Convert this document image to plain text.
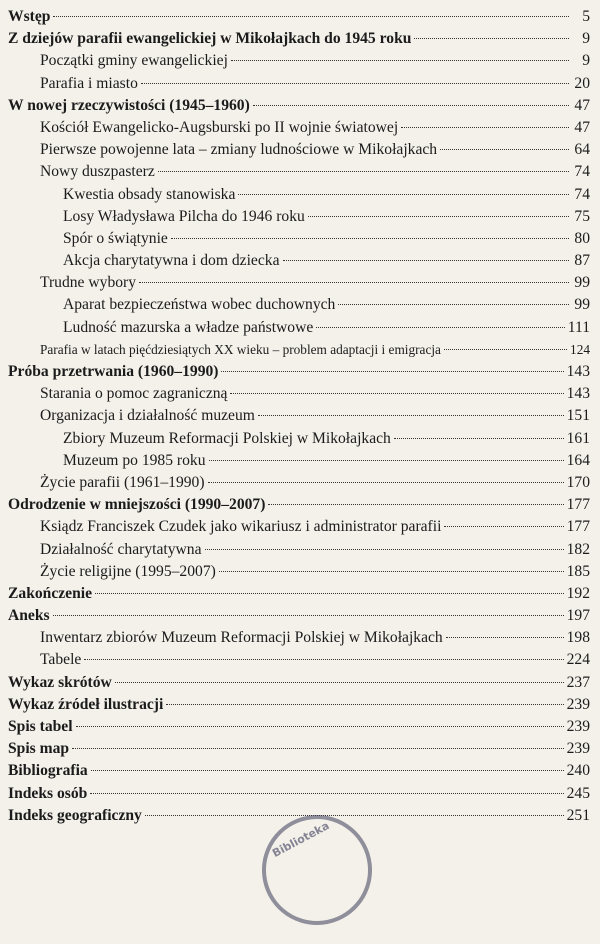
Wstęp	5
Z dziejów parafii ewangelickiej w Mikołajkach do 1945 roku	9
Początki gminy ewangelickiej	9
Parafia i miasto	20
W nowej rzeczywistości (1945–1960)	47
Kościół Ewangelicko-Augsburski po II wojnie światowej	47
Pierwsze powojenne lata – zmiany ludnościowe w Mikołajkach	64
Nowy duszpasterz	74
Kwestia obsady stanowiska	74
Losy Władysława Pilcha do 1946 roku	75
Spór o świątynie	80
Akcja charytatywna i dom dziecka	87
Trudne wybory	99
Aparat bezpieczeństwa wobec duchownych	99
Ludność mazurska a władze państwowe	111
Parafia w latach pięćdziesiątych XX wieku – problem adaptacji i emigracja	124
Próba przetrwania (1960–1990)	143
Starania o pomoc zagraniczną	143
Organizacja i działalność muzeum	151
Zbiory Muzeum Reformacji Polskiej w Mikołajkach	161
Muzeum po 1985 roku	164
Życie parafii (1961–1990)	170
Odrodzenie w mniejszości (1990–2007)	177
Ksiądz Franciszek Czudek jako wikariusz i administrator parafii	177
Działalność charytatywna	182
Życie religijne (1995–2007)	185
Zakończenie	192
Aneks	197
Inwentarz zbiorów Muzeum Reformacji Polskiej w Mikołajkach	198
Tabele	224
Wykaz skrótów	237
Wykaz źródeł ilustracji	239
Spis tabel	239
Spis map	239
Bibliografia	240
Indeks osób	245
Indeks geograficzny	251
Biblioteka
